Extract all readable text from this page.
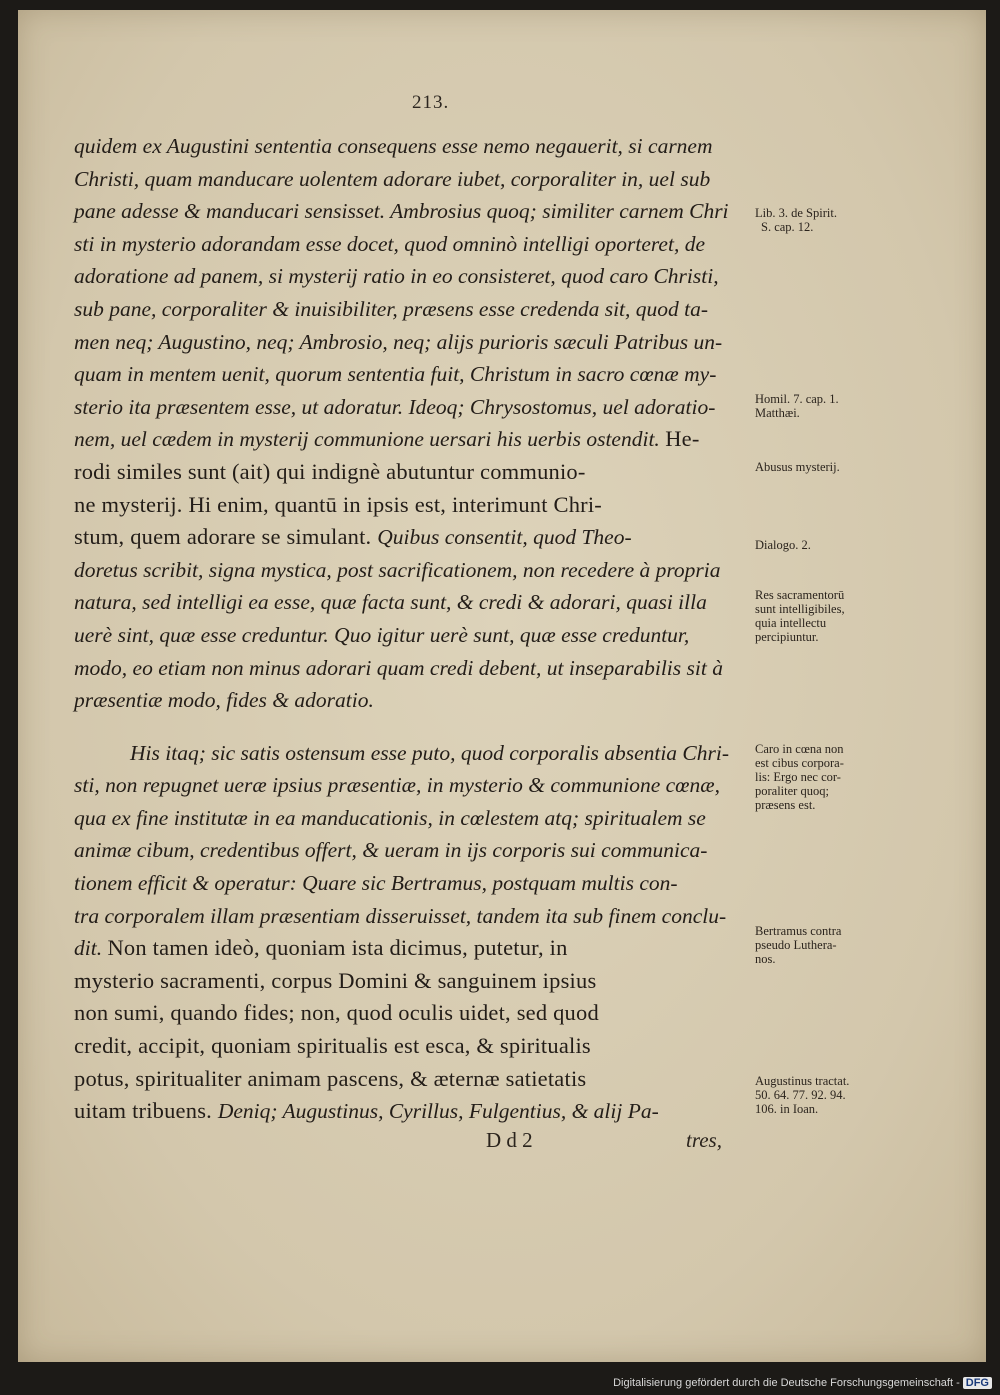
213.
quidem ex Augustini sententia consequens esse nemo negauerit, si carnem
Christi, quam manducare uolentem adorare iubet, corporaliter in, uel sub
pane adesse & manducari sensisset. Ambrosius quoq; similiter carnem Chri
sti in mysterio adorandam esse docet, quod omninò intelligi oporteret, de
adoratione ad panem, si mysterij ratio in eo consisteret, quod caro Christi,
sub pane, corporaliter & inuisibiliter, præsens esse credenda sit, quod ta-
men neq; Augustino, neq; Ambrosio, neq; alijs purioris sæculi Patribus un-
quam in mentem uenit, quorum sententia fuit, Christum in sacro cœnæ my-
sterio ita præsentem esse, ut adoratur. Ideoq; Chrysostomus, uel adoratio-
nem, uel cædem in mysterij communione uersari his uerbis ostendit. He-
rodi similes sunt (ait) qui indignè abutuntur communio-
ne mysterij. Hi enim, quantū in ipsis est, interimunt Chri-
stum, quem adorare se simulant. Quibus consentit, quod Theo-
doretus scribit, signa mystica, post sacrificationem, non recedere à propria
natura, sed intelligi ea esse, quæ facta sunt, & credi & adorari, quasi illa
uerè sint, quæ esse creduntur. Quo igitur uerè sunt, quæ esse creduntur,
modo, eo etiam non minus adorari quam credi debent, ut inseparabilis sit à
præsentiæ modo, fides & adoratio.
His itaq; sic satis ostensum esse puto, quod corporalis absentia Chri-
sti, non repugnet ueræ ipsius præsentiæ, in mysterio & communione cœnæ,
qua ex fine institutæ in ea manducationis, in cœlestem atq; spiritualem se
animæ cibum, credentibus offert, & ueram in ijs corporis sui communica-
tionem efficit & operatur: Quare sic Bertramus, postquam multis con-
tra corporalem illam præsentiam disseruisset, tandem ita sub finem conclu-
dit. Non tamen ideò, quoniam ista dicimus, putetur, in
mysterio sacramenti, corpus Domini & sanguinem ipsius
non sumi, quando fides; non, quod oculis uidet, sed quod
credit, accipit, quoniam spiritualis est esca, & spiritualis
potus, spiritualiter animam pascens, & æternæ satietatis
uitam tribuens. Deniq; Augustinus, Cyrillus, Fulgentius, & alij Pa-
Lib. 3. de Spirit.
S. cap. 12.
Homil. 7. cap. 1.
Matthæi.
Abusus mysterij.
Dialogo. 2.
Res sacramentorū
sunt intelligibiles,
quia intellectu
percipiuntur.
Caro in cœna non
est cibus corpora-
lis: Ergo nec cor-
poraliter quoq;
præsens est.
Bertramus contra
pseudo Luthera-
nos.
Augustinus tractat.
50. 64. 77. 92. 94.
106. in Ioan.
D d 2	tres,
Digitalisierung gefördert durch die Deutsche Forschungsgemeinschaft - DFG
